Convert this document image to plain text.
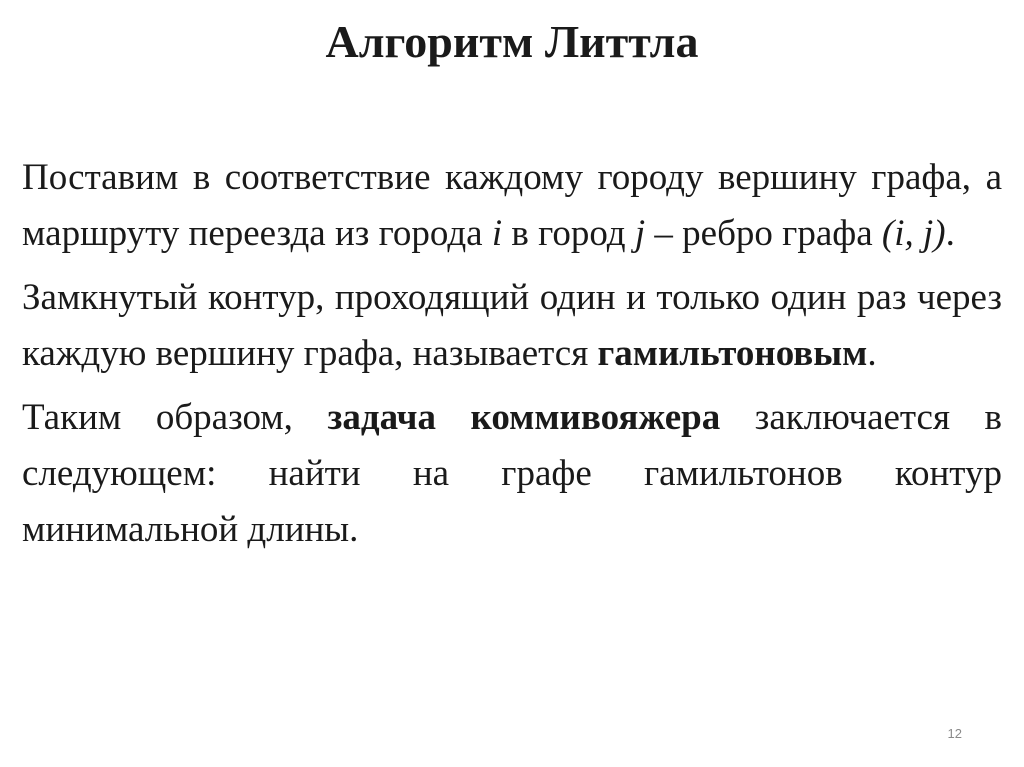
Алгоритм Литтла

Поставим в соответствие каждому городу вершину графа, а маршруту переезда из города i в город j – ребро графа (i, j).

Замкнутый контур, проходящий один и только один раз через каждую вершину графа, называется гамильтоновым.

Таким образом, задача коммивояжера заключается в следующем: найти на графе гамильтонов контур минимальной длины.

12
